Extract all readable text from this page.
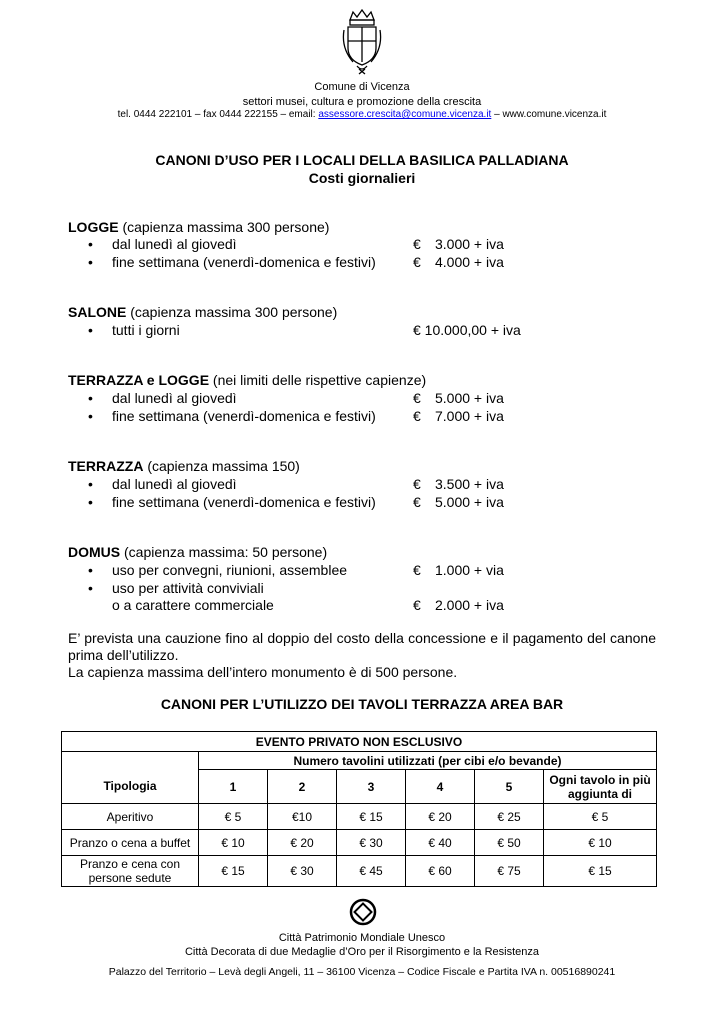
Comune di Vicenza
settori musei, cultura e promozione della crescita
tel. 0444 222101 – fax 0444 222155 – email: assessore.crescita@comune.vicenza.it – www.comune.vicenza.it
CANONI D’USO PER I LOCALI DELLA BASILICA PALLADIANA
Costi giornalieri
LOGGE (capienza massima 300 persone)
• dal lunedì al giovedì	€ 3.000 + iva
• fine settimana (venerdì-domenica e festivi)	€ 4.000 + iva
SALONE (capienza massima 300 persone)
• tutti i giorni	€ 10.000,00 + iva
TERRAZZA e LOGGE (nei limiti delle rispettive capienze)
• dal lunedì al giovedì	€ 5.000 + iva
• fine settimana (venerdì-domenica e festivi)	€ 7.000 + iva
TERRAZZA (capienza massima 150)
• dal lunedì al giovedì	€ 3.500 + iva
• fine settimana (venerdì-domenica e festivi)	€ 5.000 + iva
DOMUS (capienza massima: 50 persone)
• uso per convegni, riunioni, assemblee	€ 1.000 + via
• uso per attività conviviali
o a carattere commerciale	€ 2.000 + iva
E’ prevista una cauzione fino al doppio del costo della concessione e il pagamento del canone prima dell’utilizzo.
La capienza massima dell’intero monumento è di 500 persone.
CANONI PER L’UTILIZZO DEI TAVOLI TERRAZZA AREA BAR
EVENTO PRIVATO NON ESCLUSIVO						
	Numero tavolini utilizzati (per cibi e/o bevande)					
Tipologia	1	2	3	4	5	Ogni tavolo in più aggiunta di
Aperitivo	€ 5	€10	€ 15	€ 20	€ 25	€ 5
Pranzo o cena a buffet	€ 10	€ 20	€ 30	€ 40	€ 50	€ 10
Pranzo e cena con persone sedute	€ 15	€ 30	€ 45	€ 60	€ 75	€ 15
Città Patrimonio Mondiale Unesco
Città Decorata di due Medaglie d’Oro per il Risorgimento e la Resistenza
Palazzo del Territorio – Levà degli Angeli, 11 – 36100 Vicenza – Codice Fiscale e Partita IVA n. 00516890241
